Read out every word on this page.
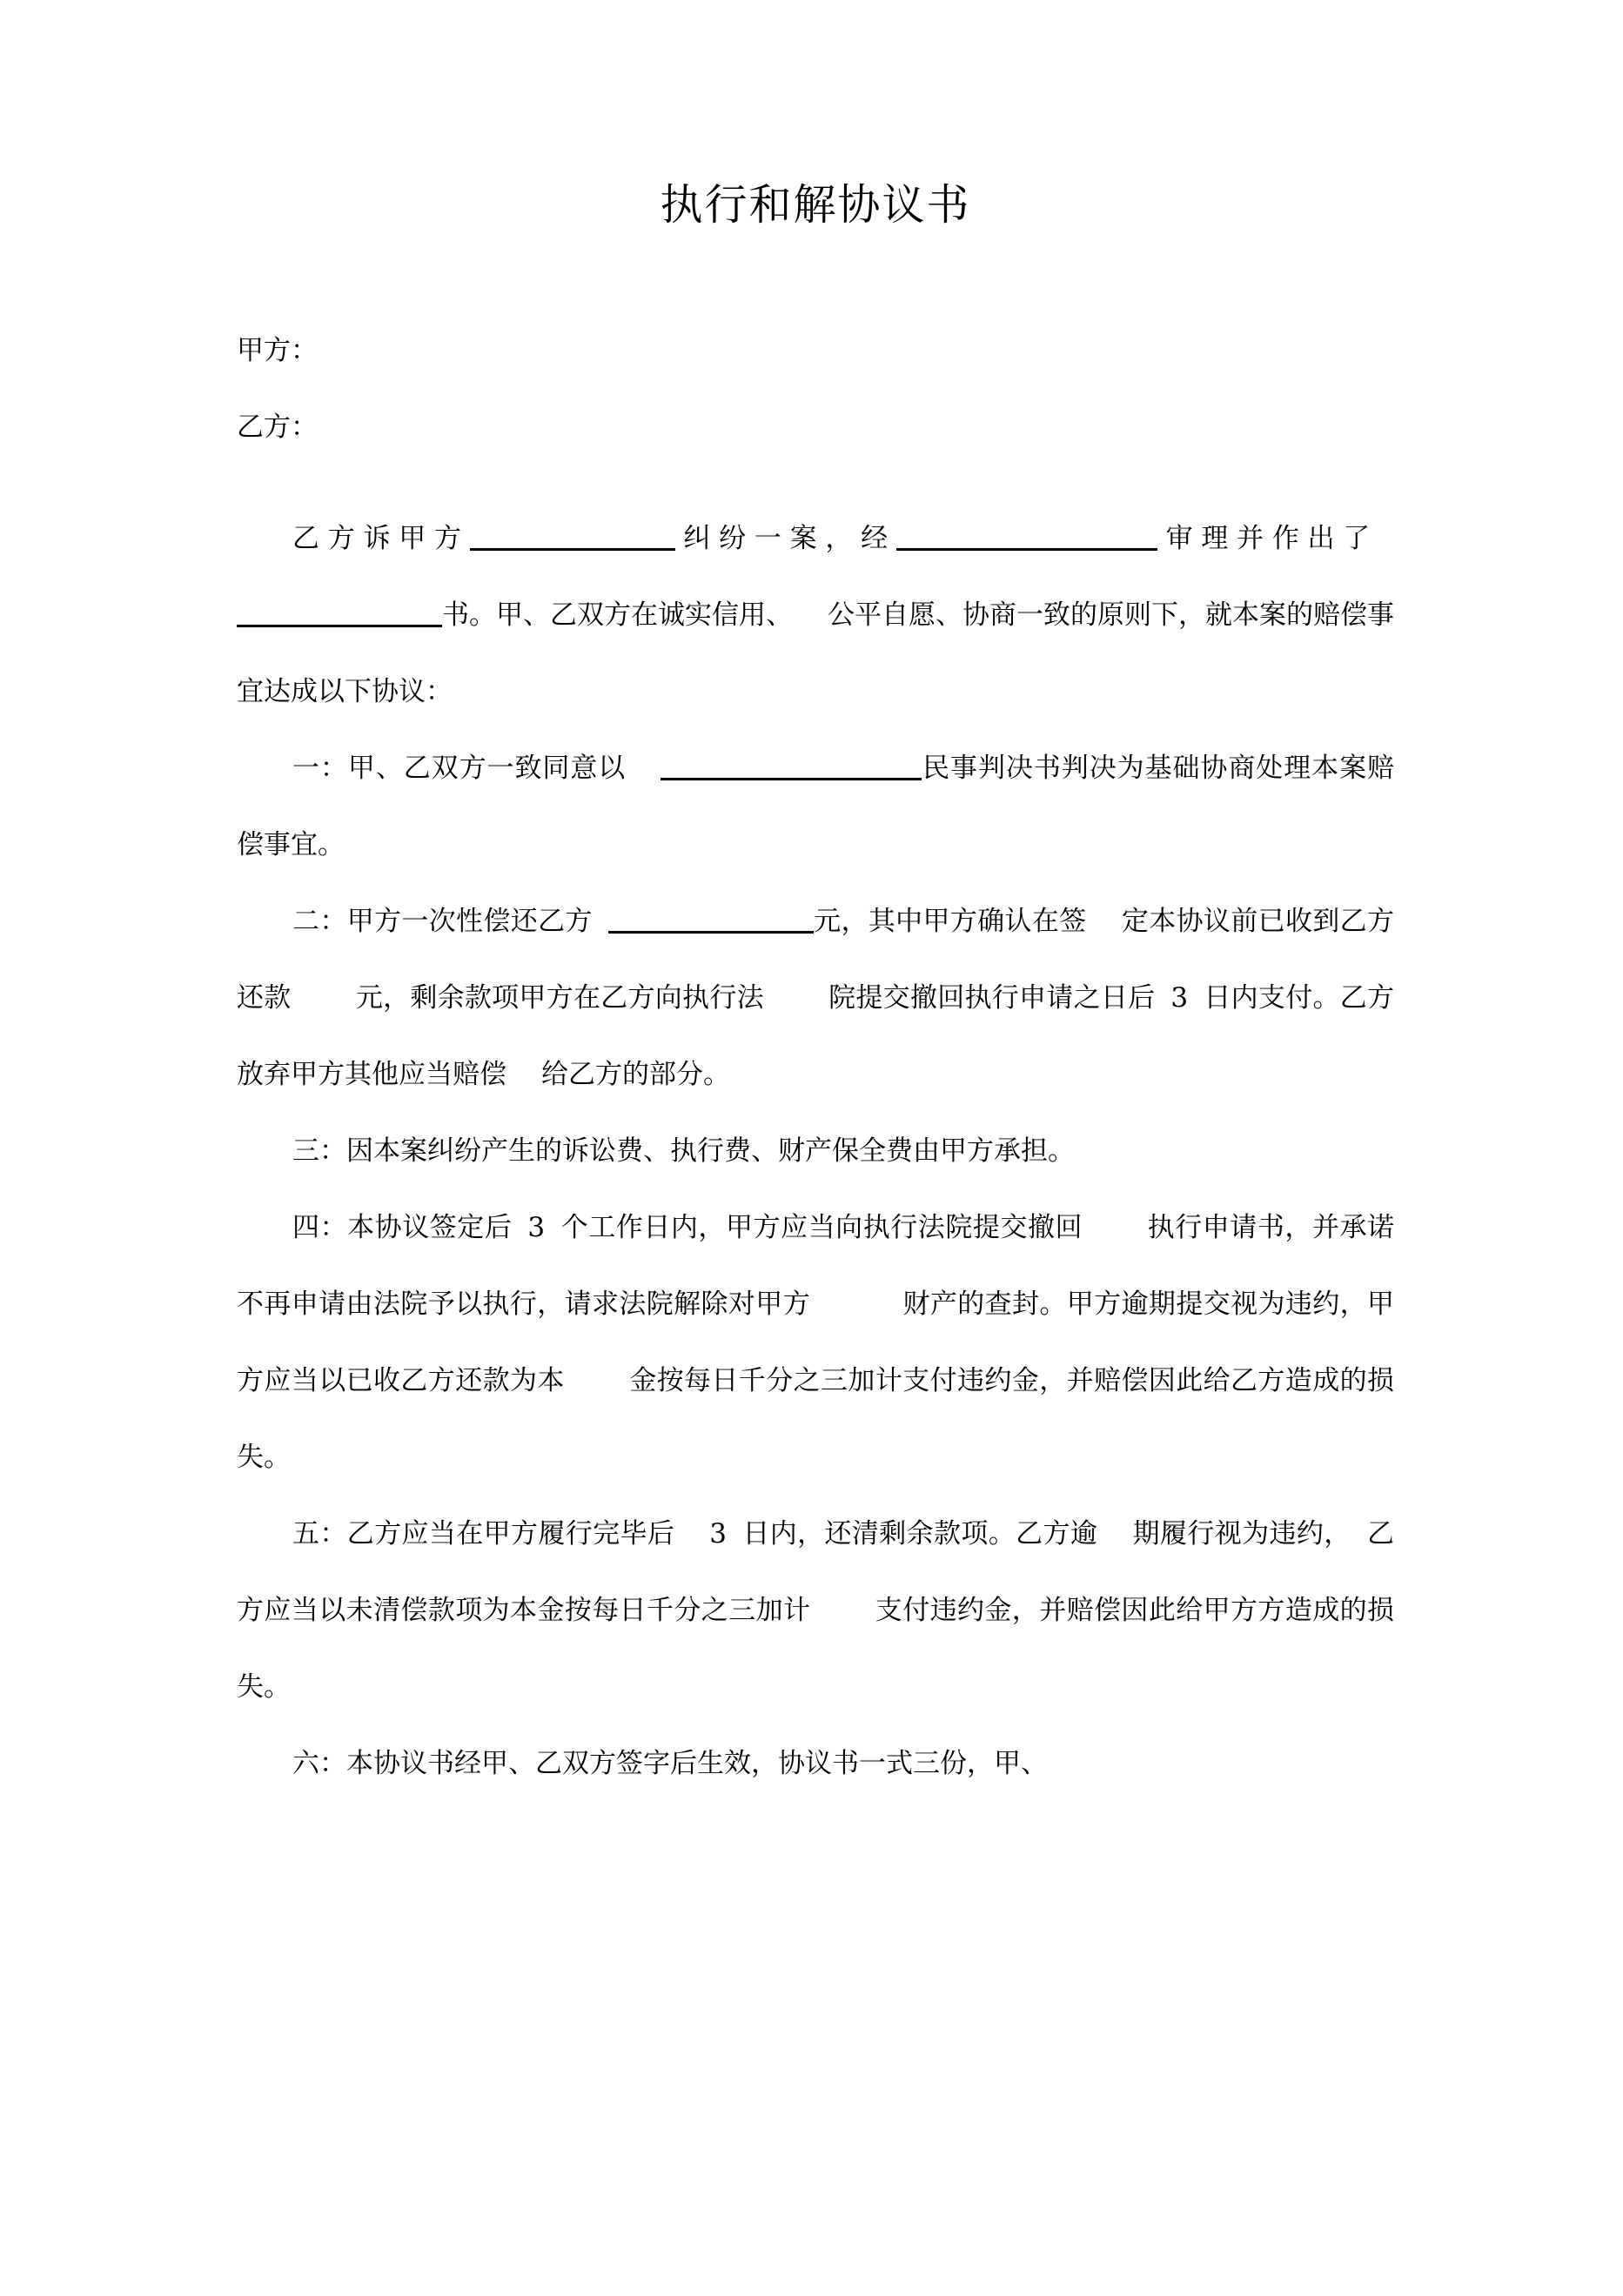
执行和解协议书

甲方：

乙方：

乙方诉甲方	纠纷一案，经	审理并作出了书。甲、乙双方在诚实信用、 公平自愿、协商一致的原则下，就本案的赔偿事宜达成以下协议：

一：甲、乙双方一致同意以	民事判决书判决为基础协商处理本案赔偿事宜。

二：甲方一次性偿还乙方	元，其中甲方确认在签 定本协议前已收到乙方还款 元，剩余款项甲方在乙方向执行法 院提交撤回执行申请之日后 3 日内支付。乙方放弃甲方其他应当赔偿 给乙方的部分。

三：因本案纠纷产生的诉讼费、执行费、财产保全费由甲方承担。

四：本协议签定后 3 个工作日内，甲方应当向执行法院提交撤回 执行申请书，并承诺不再申请由法院予以执行，请求法院解除对甲方	财产的查封。甲方逾期提交视为违约，甲方应当以已收乙方还款为本 金按每日千分之三加计支付违约金，并赔偿因此给乙方造成的损失。

五：乙方应当在甲方履行完毕后 3 日内，还清剩余款项。乙方逾 期履行视为违约， 乙方应当以未清偿款项为本金按每日千分之三加计 支付违约金，并赔偿因此给甲方方造成的损失。

六：本协议书经甲、乙双方签字后生效，协议书一式三份，甲、
